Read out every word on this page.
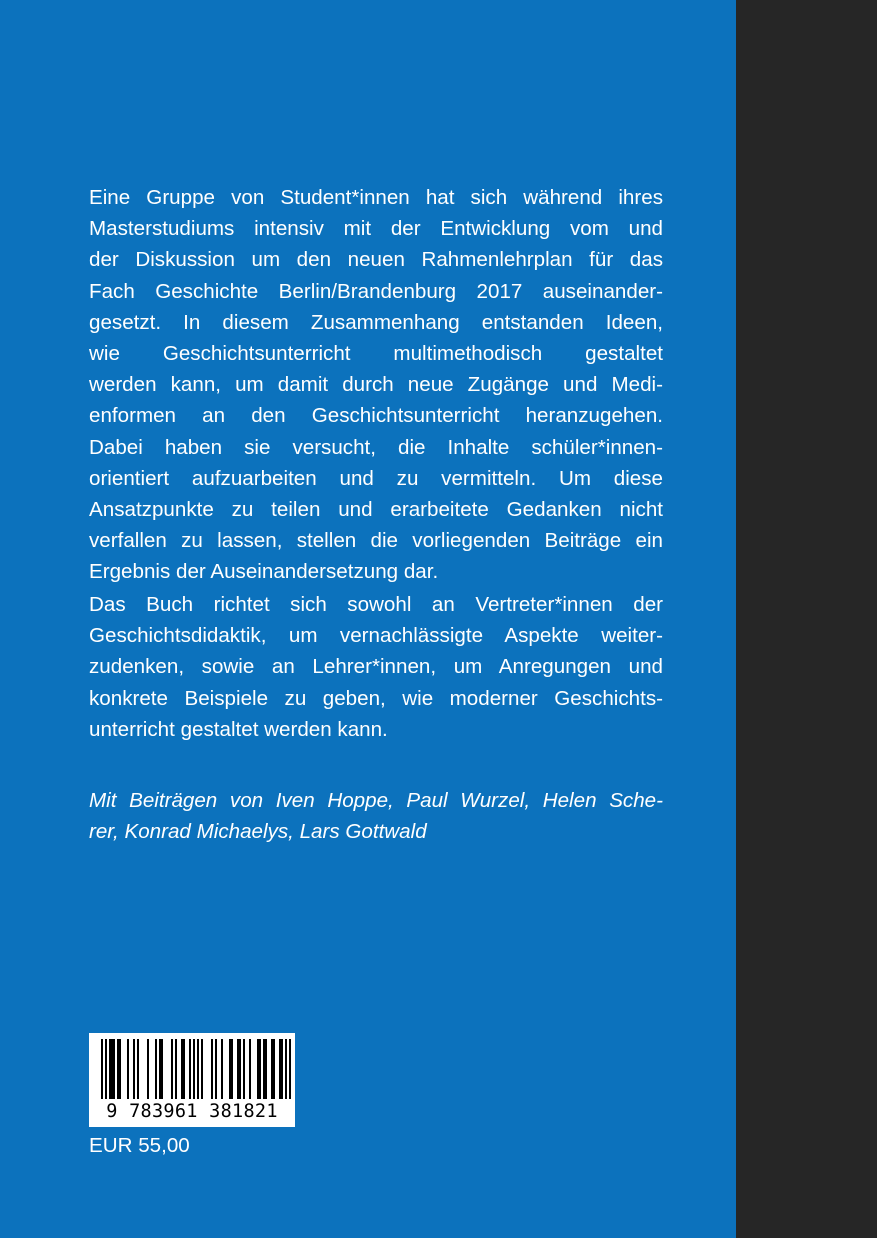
Eine Gruppe von Student*innen hat sich während ihres
Masterstudiums intensiv mit der Entwicklung vom und
der Diskussion um den neuen Rahmenlehrplan für das
Fach Geschichte Berlin/Brandenburg 2017 auseinander-
gesetzt. In diesem Zusammenhang entstanden Ideen,
wie Geschichtsunterricht multimethodisch gestaltet
werden kann, um damit durch neue Zugänge und Medi-
enformen an den Geschichtsunterricht heranzugehen.
Dabei haben sie versucht, die Inhalte schüler*innen-
orientiert aufzuarbeiten und zu vermitteln. Um diese
Ansatzpunkte zu teilen und erarbeitete Gedanken nicht
verfallen zu lassen, stellen die vorliegenden Beiträge ein
Ergebnis der Auseinandersetzung dar.
Das Buch richtet sich sowohl an Vertreter*innen der
Geschichtsdidaktik, um vernachlässigte Aspekte weiter-
zudenken, sowie an Lehrer*innen, um Anregungen und
konkrete Beispiele zu geben, wie moderner Geschichts-
unterricht gestaltet werden kann.
Mit Beiträgen von Iven Hoppe, Paul Wurzel, Helen Sche-
rer, Konrad Michaelys, Lars Gottwald
9 783961 381821
EUR 55,00
